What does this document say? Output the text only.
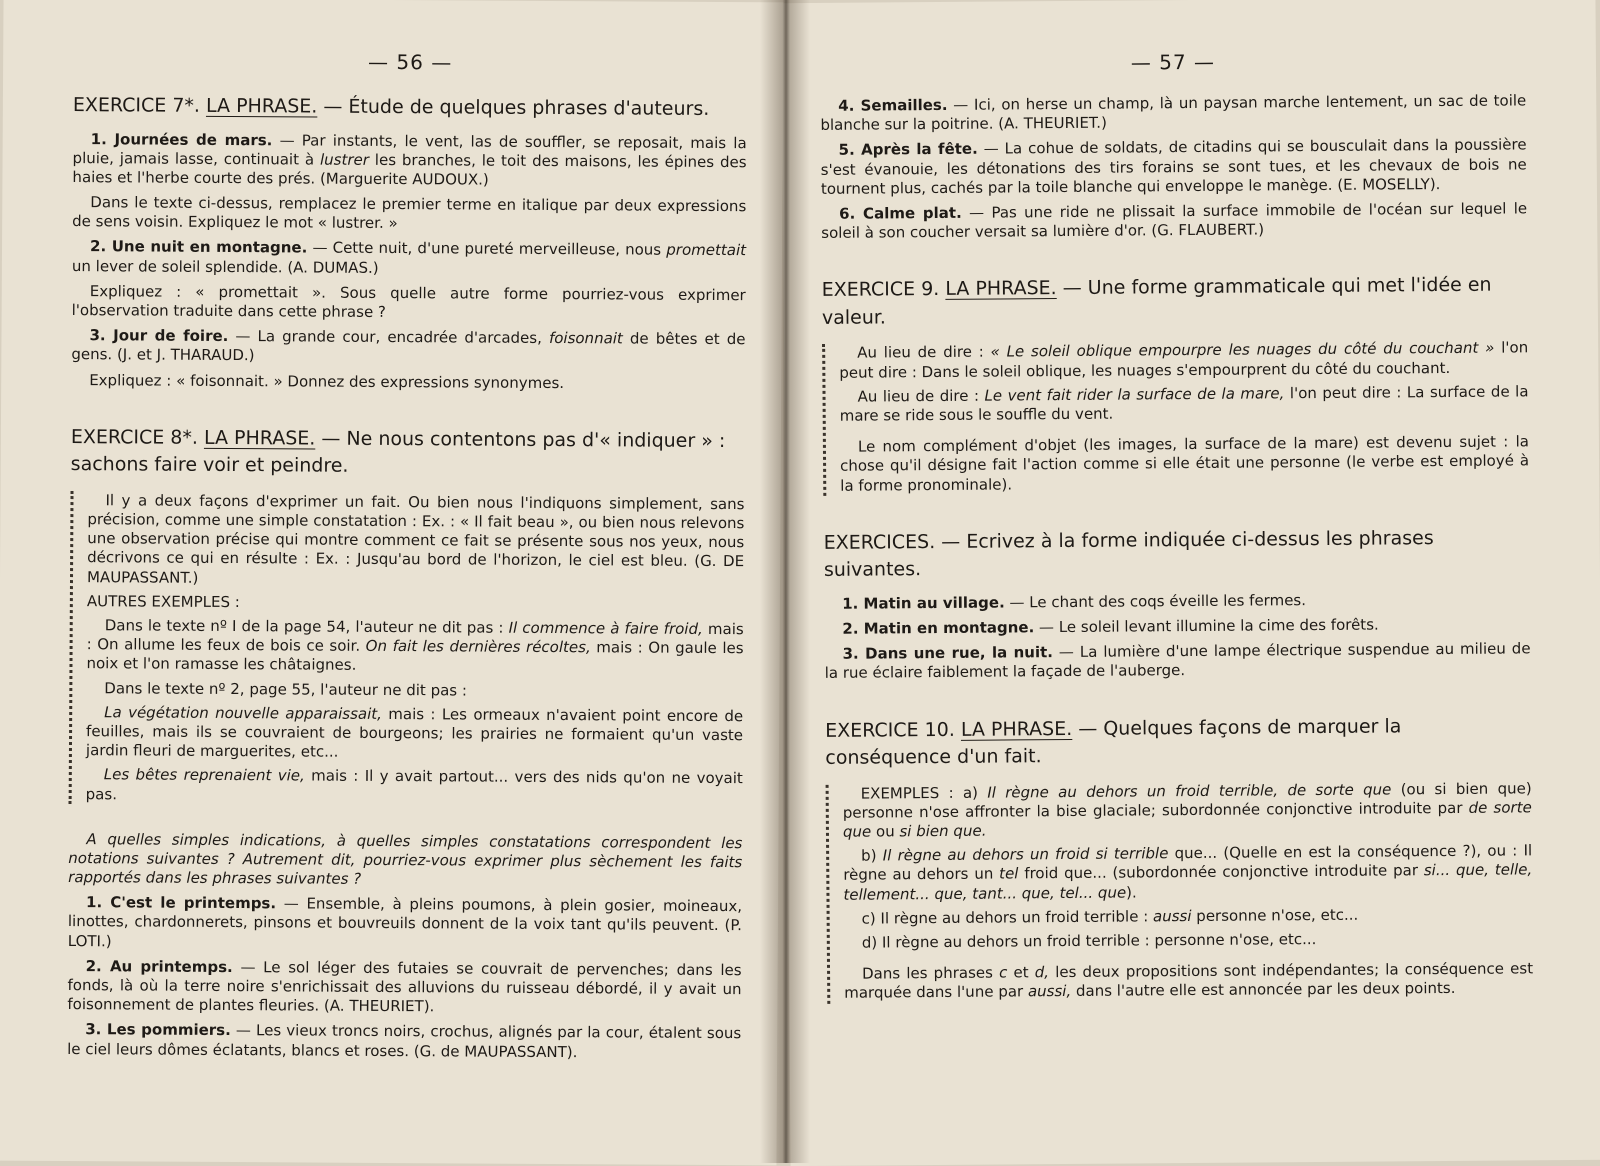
— 56 —
EXERCICE 7*. LA PHRASE. — Étude de quelques phrases d'auteurs.

1. Journées de mars. — Par instants, le vent, las de souffler, se reposait, mais la pluie, jamais lasse, continuait à lustrer les branches, le toit des maisons, les épines des haies et l'herbe courte des prés. (Marguerite AUDOUX.)

Dans le texte ci-dessus, remplacez le premier terme en italique par deux expressions de sens voisin. Expliquez le mot « lustrer. »

2. Une nuit en montagne. — Cette nuit, d'une pureté merveilleuse, nous promettait un lever de soleil splendide. (A. DUMAS.)

Expliquez : « promettait ». Sous quelle autre forme pourriez-vous exprimer l'observation traduite dans cette phrase ?

3. Jour de foire. — La grande cour, encadrée d'arcades, foisonnait de bêtes et de gens. (J. et J. THARAUD.)

Expliquez : « foisonnait. » Donnez des expressions synonymes.

EXERCICE 8*. LA PHRASE. — Ne nous contentons pas d'« indiquer » : sachons faire voir et peindre.

Il y a deux façons d'exprimer un fait. Ou bien nous l'indiquons simplement, sans précision, comme une simple constatation : Ex. : « Il fait beau », ou bien nous relevons une observation précise qui montre comment ce fait se présente sous nos yeux, nous décrivons ce qui en résulte : Ex. : Jusqu'au bord de l'horizon, le ciel est bleu. (G. DE MAUPASSANT.)

AUTRES EXEMPLES :

Dans le texte nº I de la page 54, l'auteur ne dit pas : Il commence à faire froid, mais : On allume les feux de bois ce soir. On fait les dernières récoltes, mais : On gaule les noix et l'on ramasse les châtaignes.

Dans le texte nº 2, page 55, l'auteur ne dit pas :

La végétation nouvelle apparaissait, mais : Les ormeaux n'avaient point encore de feuilles, mais ils se couvraient de bourgeons; les prairies ne formaient qu'un vaste jardin fleuri de marguerites, etc...

Les bêtes reprenaient vie, mais : Il y avait partout... vers des nids qu'on ne voyait pas.

A quelles simples indications, à quelles simples constatations correspondent les notations suivantes ? Autrement dit, pourriez-vous exprimer plus sèchement les faits rapportés dans les phrases suivantes ?

1. C'est le printemps. — Ensemble, à pleins poumons, à plein gosier, moineaux, linottes, chardonnerets, pinsons et bouvreuils donnent de la voix tant qu'ils peuvent. (P. LOTI.)

2. Au printemps. — Le sol léger des futaies se couvrait de pervenches; dans les fonds, là où la terre noire s'enrichissait des alluvions du ruisseau débordé, il y avait un foisonnement de plantes fleuries. (A. THEURIET).

3. Les pommiers. — Les vieux troncs noirs, crochus, alignés par la cour, étalent sous le ciel leurs dômes éclatants, blancs et roses. (G. de MAUPASSANT).

— 57 —

4. Semailles. — Ici, on herse un champ, là un paysan marche lentement, un sac de toile blanche sur la poitrine. (A. THEURIET.)

5. Après la fête. — La cohue de soldats, de citadins qui se bousculait dans la poussière s'est évanouie, les détonations des tirs forains se sont tues, et les chevaux de bois ne tournent plus, cachés par la toile blanche qui enveloppe le manège. (E. MOSELLY).

6. Calme plat. — Pas une ride ne plissait la surface immobile de l'océan sur lequel le soleil à son coucher versait sa lumière d'or. (G. FLAUBERT.)

EXERCICE 9. LA PHRASE. — Une forme grammaticale qui met l'idée en valeur.

Au lieu de dire : « Le soleil oblique empourpre les nuages du côté du couchant » l'on peut dire : Dans le soleil oblique, les nuages s'empourprent du côté du couchant.

Au lieu de dire : Le vent fait rider la surface de la mare, l'on peut dire : La surface de la mare se ride sous le souffle du vent.

Le nom complément d'objet (les images, la surface de la mare) est devenu sujet : la chose qu'il désigne fait l'action comme si elle était une personne (le verbe est employé à la forme pronominale).

EXERCICES. — Ecrivez à la forme indiquée ci-dessus les phrases suivantes.

1. Matin au village. — Le chant des coqs éveille les fermes.

2. Matin en montagne. — Le soleil levant illumine la cime des forêts.

3. Dans une rue, la nuit. — La lumière d'une lampe électrique suspendue au milieu de la rue éclaire faiblement la façade de l'auberge.

EXERCICE 10. LA PHRASE. — Quelques façons de marquer la conséquence d'un fait.

EXEMPLES : a) Il règne au dehors un froid terrible, de sorte que (ou si bien que) personne n'ose affronter la bise glaciale; subordonnée conjonctive introduite par de sorte que ou si bien que.

b) Il règne au dehors un froid si terrible que... (Quelle en est la conséquence ?), ou : Il règne au dehors un tel froid que... (subordonnée conjonctive introduite par si... que, telle, tellement... que, tant... que, tel... que).

c) Il règne au dehors un froid terrible : aussi personne n'ose, etc...

d) Il règne au dehors un froid terrible : personne n'ose, etc...

Dans les phrases c et d, les deux propositions sont indépendantes; la conséquence est marquée dans l'une par aussi, dans l'autre elle est annoncée par les deux points.
